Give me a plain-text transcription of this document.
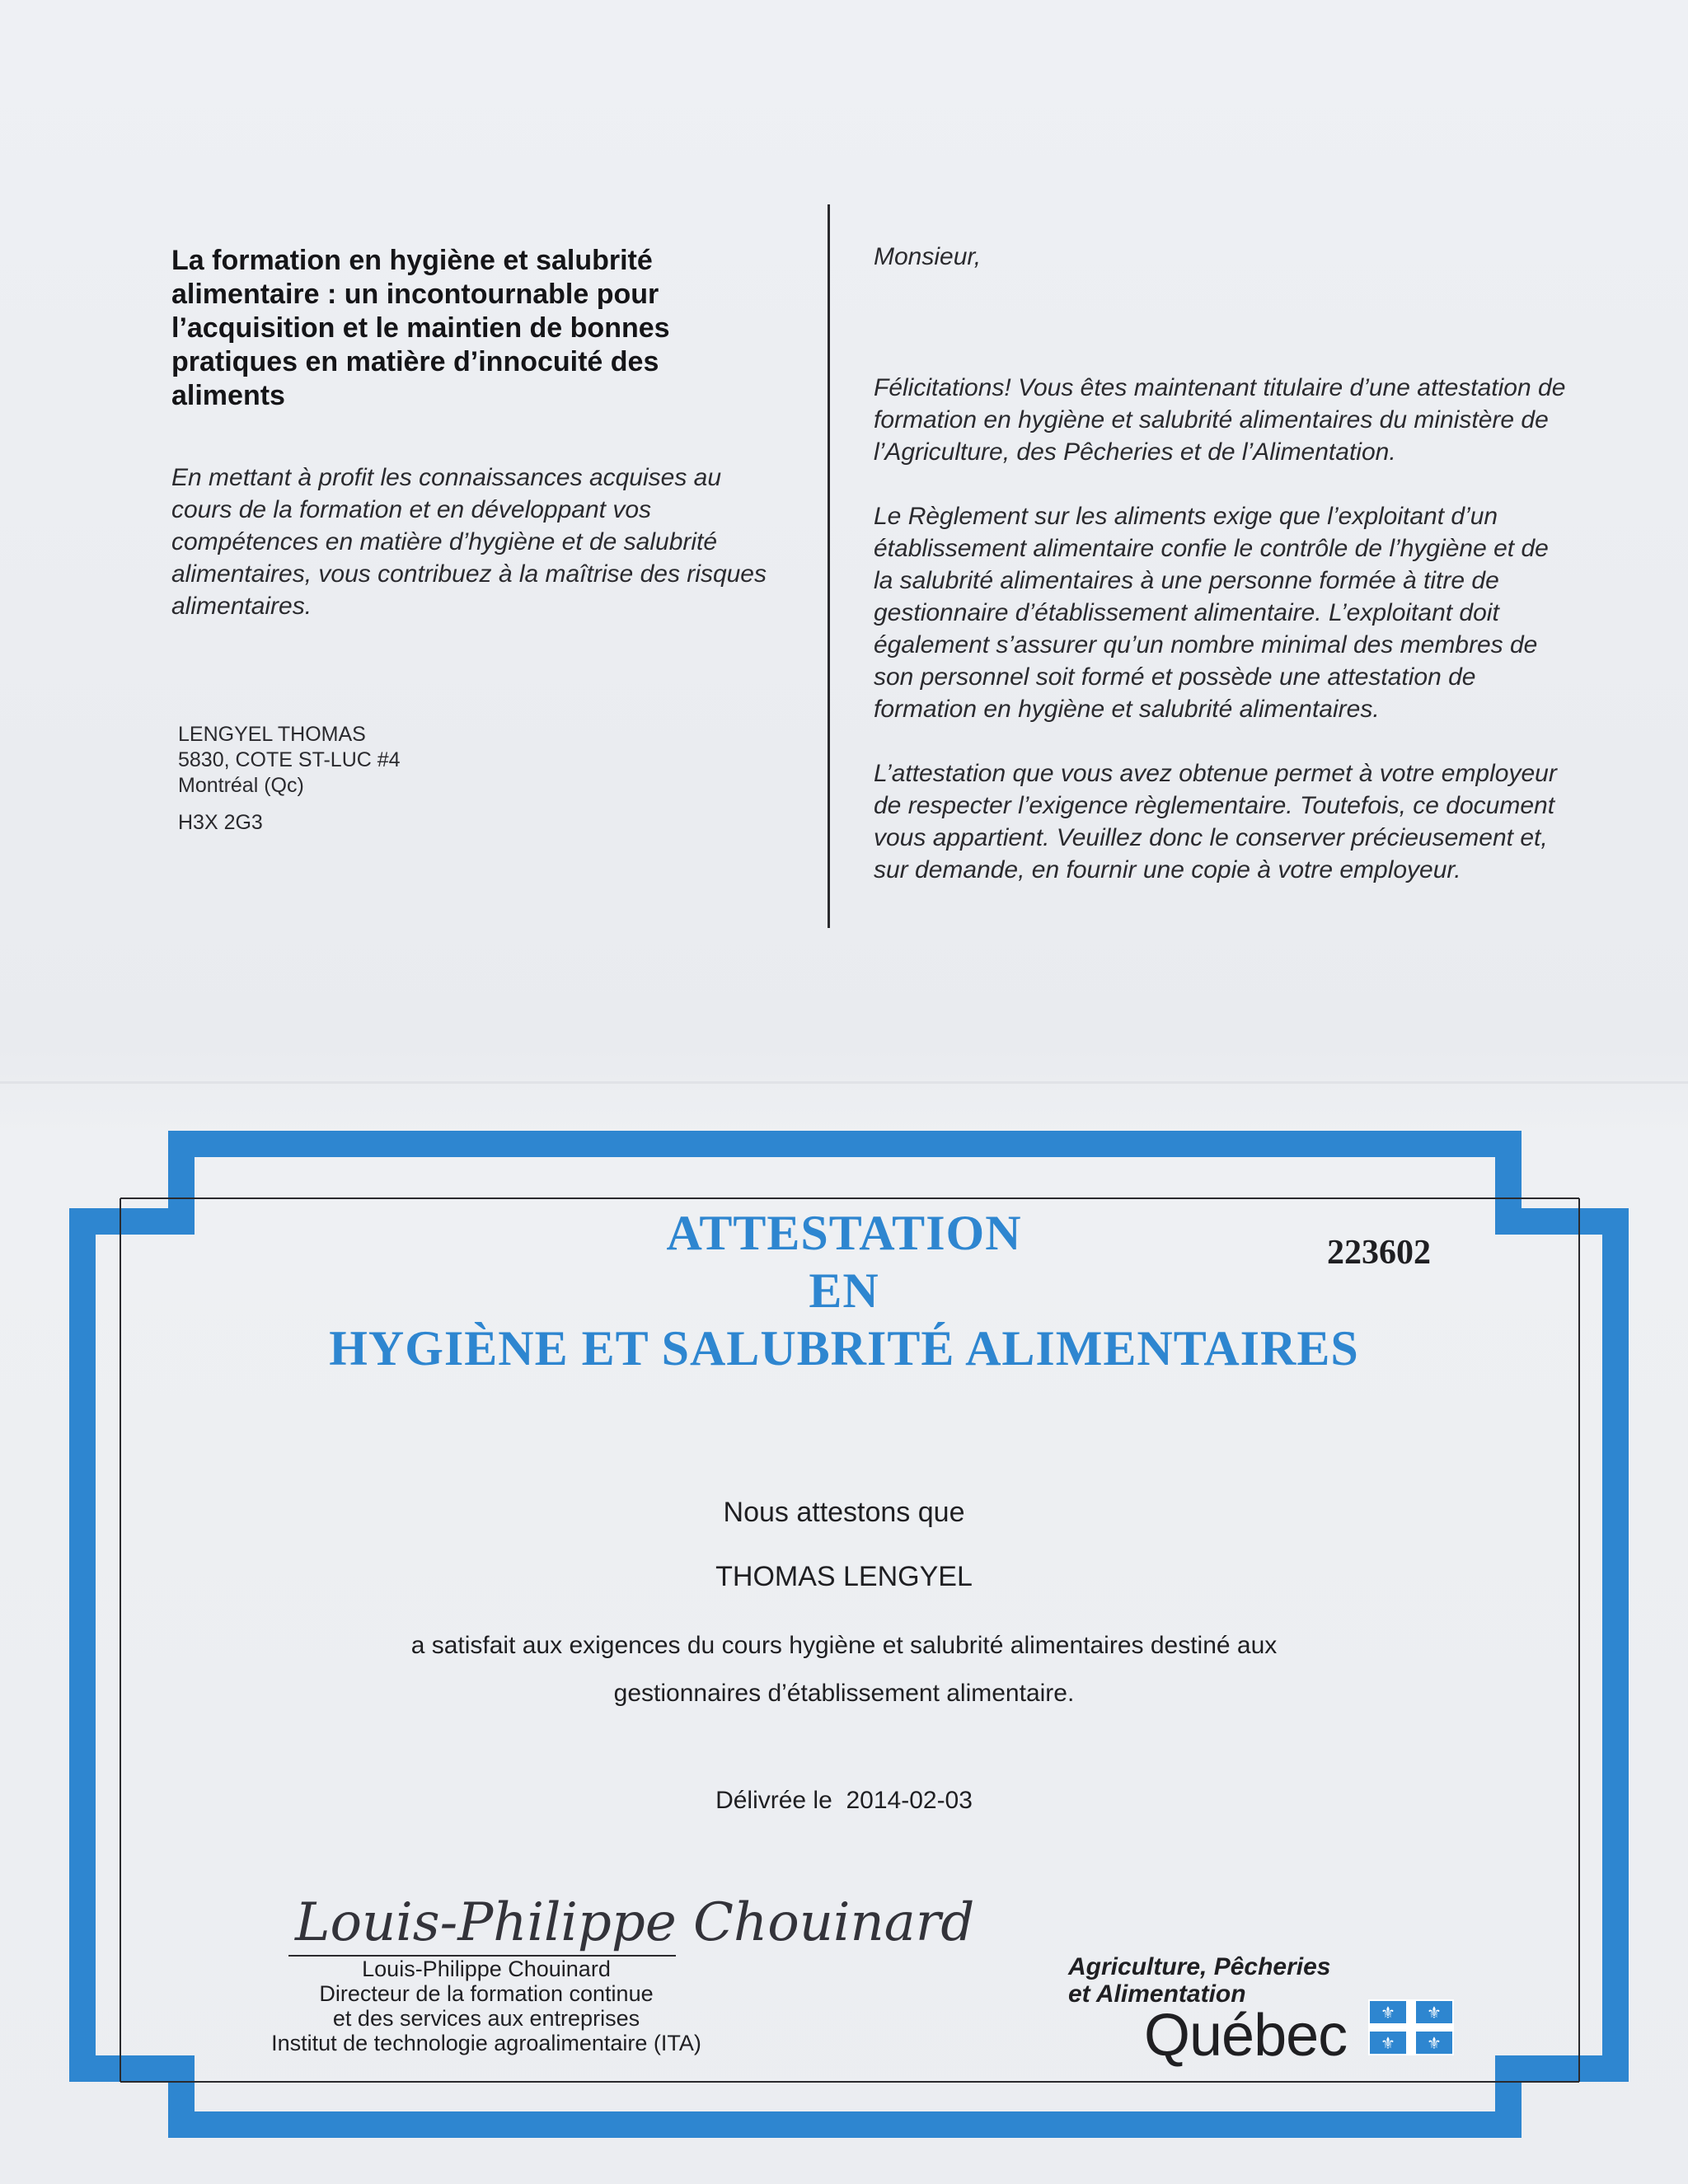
La formation en hygiène et salubrité alimentaire : un incontournable pour l’acquisition et le maintien de bonnes pratiques en matière d’innocuité des aliments

En mettant à profit les connaissances acquises au cours de la formation et en développant vos compétences en matière d’hygiène et de salubrité alimentaires, vous contribuez à la maîtrise des risques alimentaires.

LENGYEL THOMAS
5830, COTE ST-LUC #4
Montréal (Qc)
H3X 2G3

Monsieur,

Félicitations! Vous êtes maintenant titulaire d’une attestation de formation en hygiène et salubrité alimentaires du ministère de l’Agriculture, des Pêcheries et de l’Alimentation.

Le Règlement sur les aliments exige que l’exploitant d’un établissement alimentaire confie le contrôle de l’hygiène et de la salubrité alimentaires à une personne formée à titre de gestionnaire d’établissement alimentaire. L’exploitant doit également s’assurer qu’un nombre minimal des membres de son personnel soit formé et possède une attestation de formation en hygiène et salubrité alimentaires.

L’attestation que vous avez obtenue permet à votre employeur de respecter l’exigence règlementaire. Toutefois, ce document vous appartient. Veuillez donc le conserver précieusement et, sur demande, en fournir une copie à votre employeur.

ATTESTATION
EN
HYGIÈNE ET SALUBRITÉ ALIMENTAIRES
223602
Nous attestons que
THOMAS LENGYEL

a satisfait aux exigences du cours hygiène et salubrité alimentaires destiné aux gestionnaires d’établissement alimentaire.

Délivrée le 2014-02-03
Louis-Philippe Chouinard
Louis-Philippe Chouinard
Directeur de la formation continue
et des services aux entreprises
Institut de technologie agroalimentaire (ITA)
Agriculture, Pêcheries
et Alimentation
Québec ⚜ ⚜
⚜ ⚜
